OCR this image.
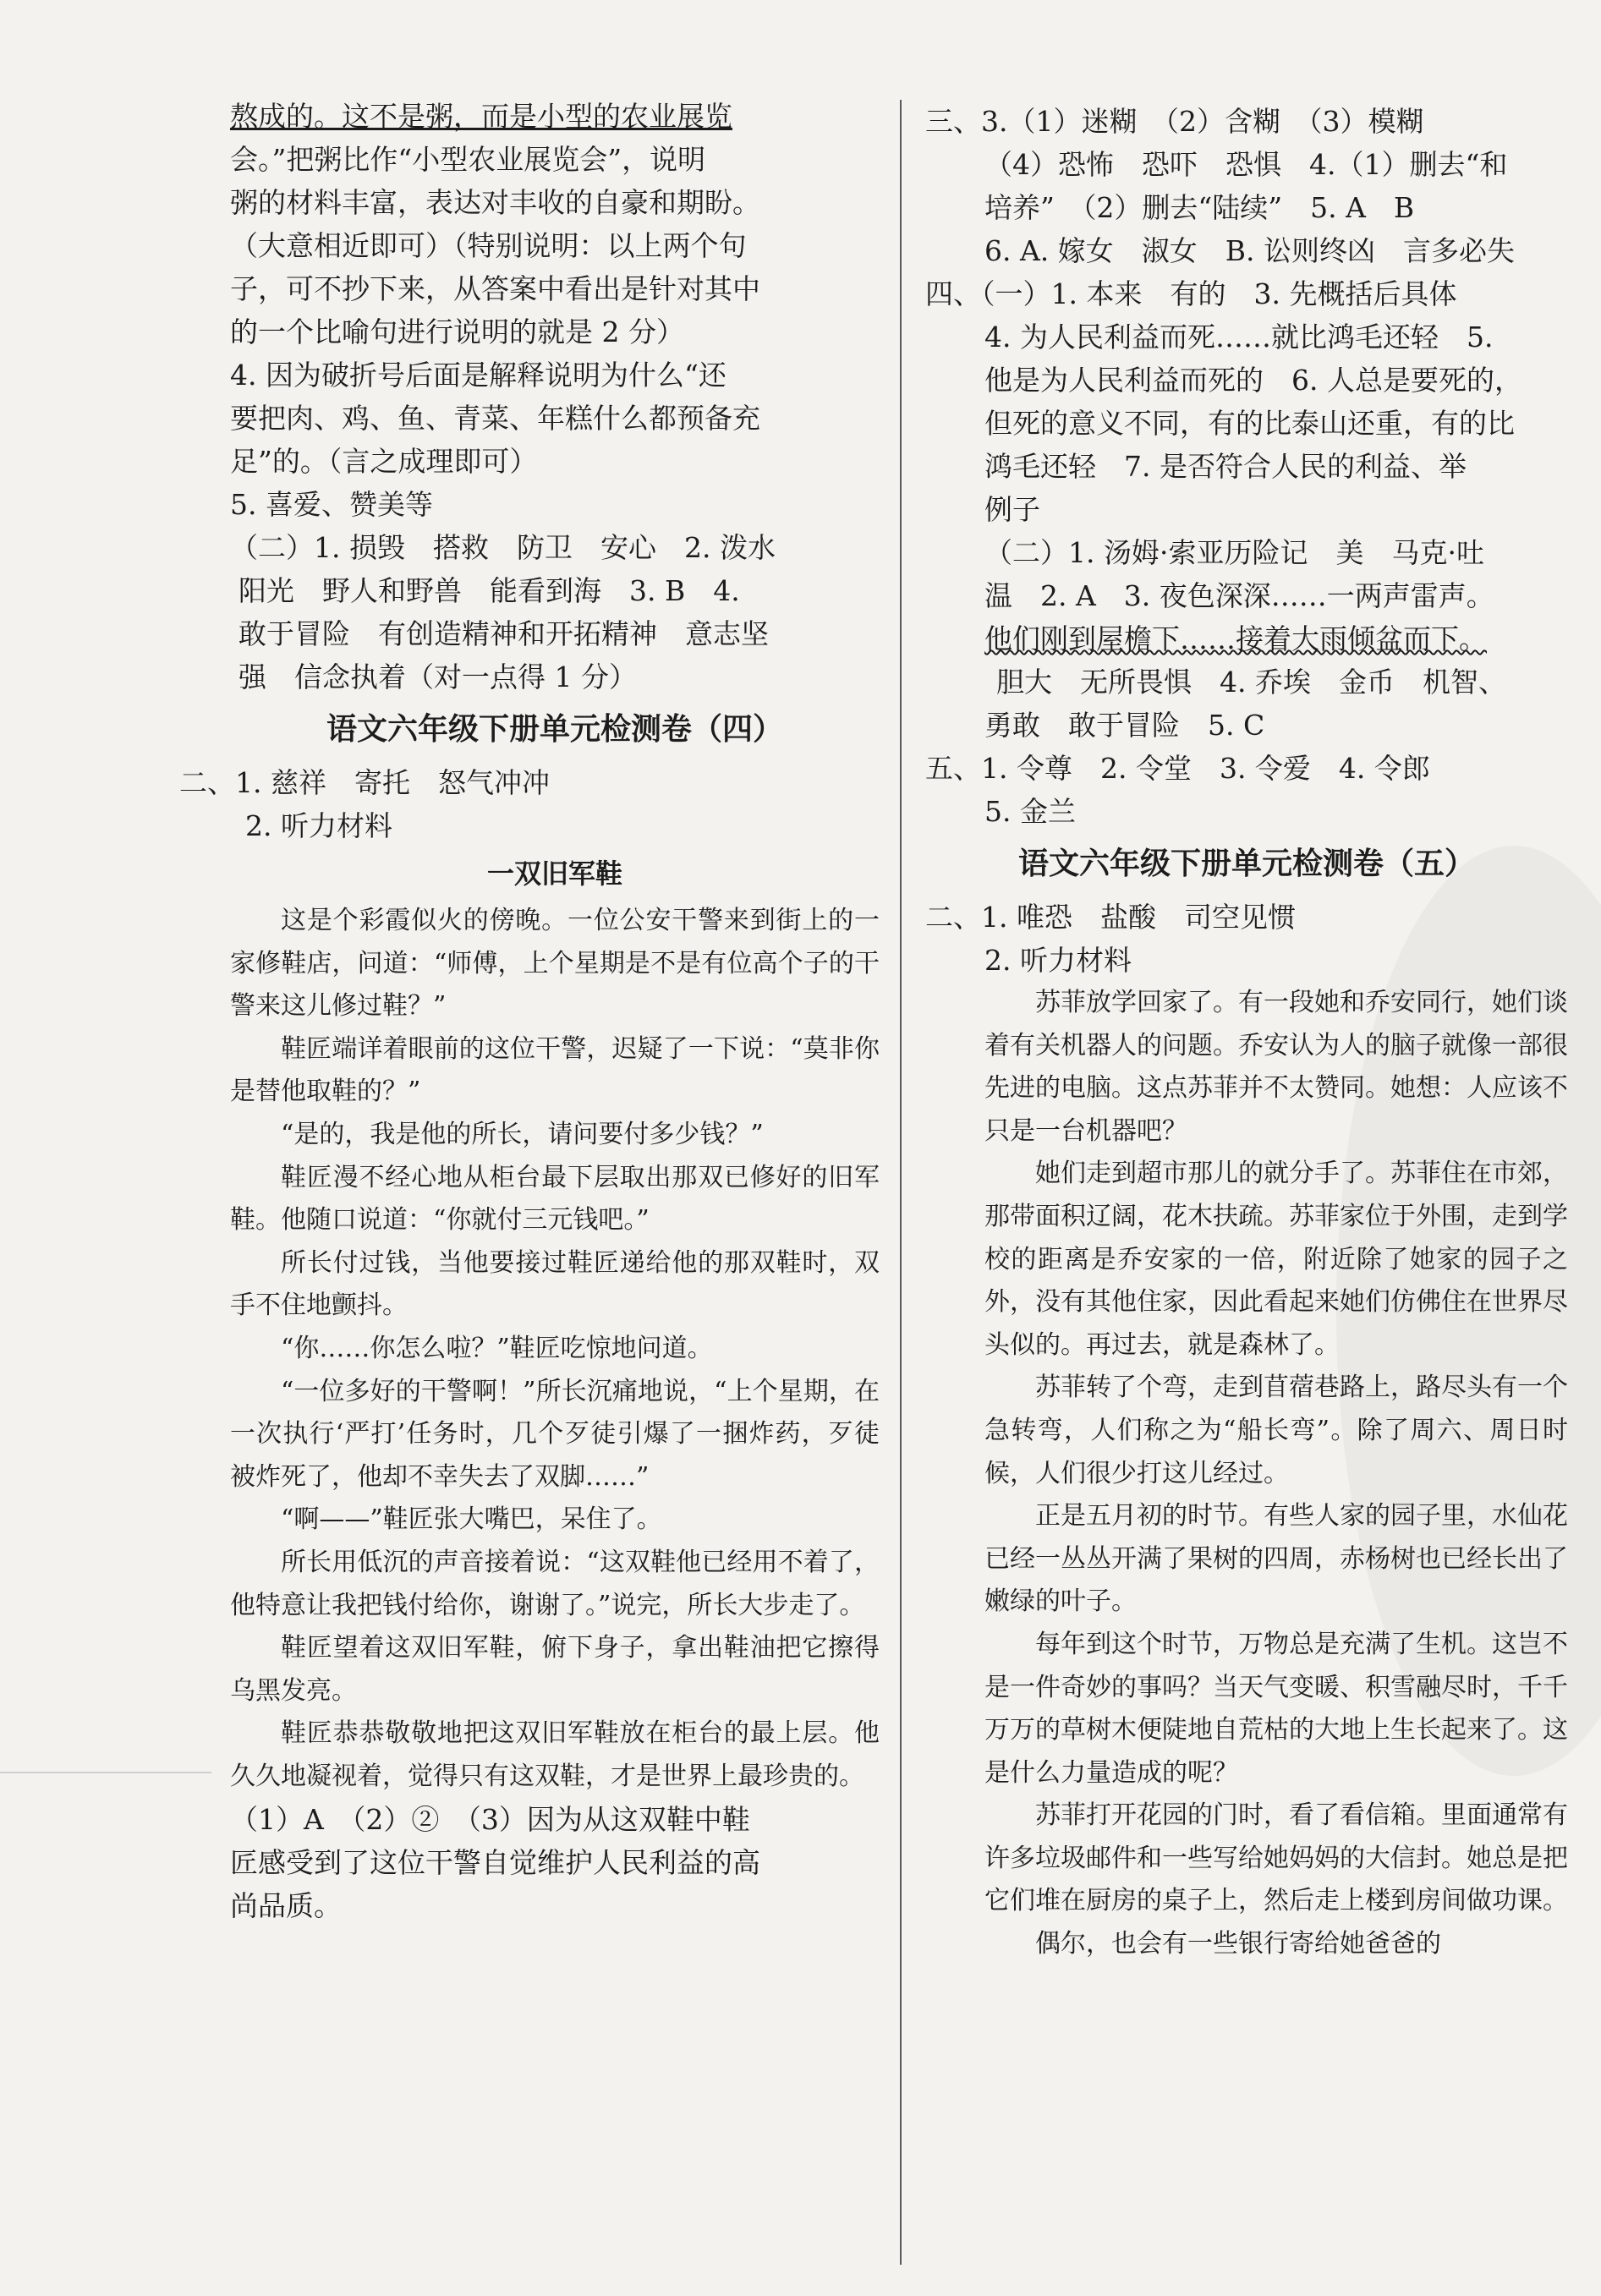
熬成的。这不是粥，而是小型的农业展览

会。”把粥比作“小型农业展览会”，说明

粥的材料丰富，表达对丰收的自豪和期盼。

（大意相近即可）（特别说明：以上两个句

子，可不抄下来，从答案中看出是针对其中

的一个比喻句进行说明的就是 2 分）

4. 因为破折号后面是解释说明为什么“还

要把肉、鸡、鱼、青菜、年糕什么都预备充

足”的。（言之成理即可）

5. 喜爱、赞美等

（二）1. 损毁　搭救　防卫　安心　2. 泼水

阳光　野人和野兽　能看到海　3. B　4.

敢于冒险　有创造精神和开拓精神　意志坚

强　信念执着（对一点得 1 分）

语文六年级下册单元检测卷（四）

二、1. 慈祥　寄托　怒气冲冲

2. 听力材料

一双旧军鞋

这是个彩霞似火的傍晚。一位公安干警来到街上的一家修鞋店，问道：“师傅，上个星期是不是有位高个子的干警来这儿修过鞋？”

鞋匠端详着眼前的这位干警，迟疑了一下说：“莫非你是替他取鞋的？”

“是的，我是他的所长，请问要付多少钱？”

鞋匠漫不经心地从柜台最下层取出那双已修好的旧军鞋。他随口说道：“你就付三元钱吧。”

所长付过钱，当他要接过鞋匠递给他的那双鞋时，双手不住地颤抖。

“你……你怎么啦？”鞋匠吃惊地问道。

“一位多好的干警啊！”所长沉痛地说，“上个星期，在一次执行‘严打’任务时，几个歹徒引爆了一捆炸药，歹徒被炸死了，他却不幸失去了双脚……”

“啊——”鞋匠张大嘴巴，呆住了。

所长用低沉的声音接着说：“这双鞋他已经用不着了，他特意让我把钱付给你，谢谢了。”说完，所长大步走了。

鞋匠望着这双旧军鞋，俯下身子，拿出鞋油把它擦得乌黑发亮。

鞋匠恭恭敬敬地把这双旧军鞋放在柜台的最上层。他久久地凝视着，觉得只有这双鞋，才是世界上最珍贵的。

（1）A　（2）②　（3）因为从这双鞋中鞋

匠感受到了这位干警自觉维护人民利益的高

尚品质。

三、3.（1）迷糊　（2）含糊　（3）模糊

（4）恐怖　恐吓　恐惧　4.（1）删去“和

培养”　（2）删去“陆续”　5. A　B

6. A. 嫁女　淑女　B. 讼则终凶　言多必失

四、（一）1. 本来　有的　3. 先概括后具体

4. 为人民利益而死……就比鸿毛还轻　5.

他是为人民利益而死的　6. 人总是要死的，

但死的意义不同，有的比泰山还重，有的比

鸿毛还轻　7. 是否符合人民的利益、举

例子

（二）1. 汤姆·索亚历险记　美　马克·吐

温　2. A　3. 夜色深深……一两声雷声。

他们刚到屋檐下……接着大雨倾盆而下。

胆大　无所畏惧　4. 乔埃　金币　机智、

勇敢　敢于冒险　5. C

五、1. 令尊　2. 令堂　3. 令爱　4. 令郎

5. 金兰

语文六年级下册单元检测卷（五）

二、1. 唯恐　盐酸　司空见惯

2. 听力材料

苏菲放学回家了。有一段她和乔安同行，她们谈着有关机器人的问题。乔安认为人的脑子就像一部很先进的电脑。这点苏菲并不太赞同。她想：人应该不只是一台机器吧？

她们走到超市那儿的就分手了。苏菲住在市郊，那带面积辽阔，花木扶疏。苏菲家位于外围，走到学校的距离是乔安家的一倍，附近除了她家的园子之外，没有其他住家，因此看起来她们仿佛住在世界尽头似的。再过去，就是森林了。

苏菲转了个弯，走到苜蓿巷路上，路尽头有一个急转弯，人们称之为“船长弯”。除了周六、周日时候，人们很少打这儿经过。

正是五月初的时节。有些人家的园子里，水仙花已经一丛丛开满了果树的四周，赤杨树也已经长出了嫩绿的叶子。

每年到这个时节，万物总是充满了生机。这岂不是一件奇妙的事吗？当天气变暖、积雪融尽时，千千万万的草树木便陡地自荒枯的大地上生长起来了。这是什么力量造成的呢？

苏菲打开花园的门时，看了看信箱。里面通常有许多垃圾邮件和一些写给她妈妈的大信封。她总是把它们堆在厨房的桌子上，然后走上楼到房间做功课。

偶尔，也会有一些银行寄给她爸爸的
